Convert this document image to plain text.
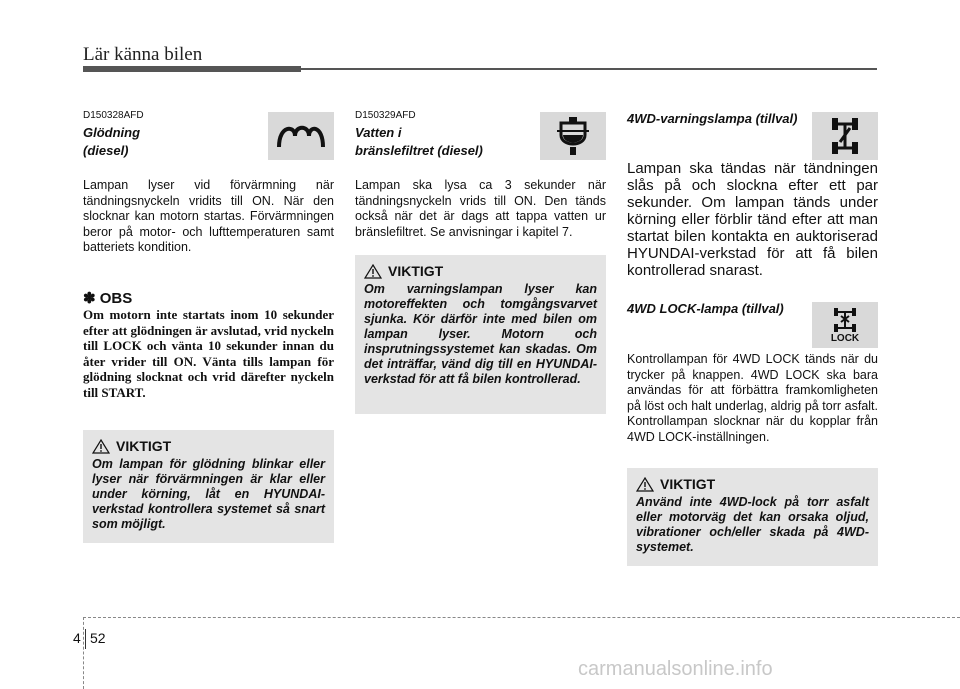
Lär känna bilen
D150328AFD
Glödning
(diesel)
Lampan lyser vid förvärmning när tändningsnyckeln vridits till ON. När den slocknar kan motorn startas. Förvärmningen beror på motor- och lufttemperaturen samt batteriets kondition.
✽ OBS
Om motorn inte startats inom 10 sekunder efter att glödningen är avslutad, vrid nyckeln till LOCK och vänta 10 sekunder innan du åter vrider till ON. Vänta tills lampan för glödning slocknat och vrid därefter nyckeln till START.
VIKTIGT
Om lampan för glödning blinkar eller lyser när förvärmningen är klar eller under körning, låt en HYUNDAI-verkstad kontrollera systemet så snart som möjligt.
D150329AFD
Vatten i
bränslefiltret (diesel)
Lampan ska lysa ca 3 sekunder när tändningsnyckeln vrids till ON. Den tänds också när det är dags att tappa vatten ur bränslefiltret. Se anvisningar i kapitel 7.
VIKTIGT
Om varningslampan lyser kan motoreffekten och tomgångsvarvet sjunka. Kör därför inte med bilen om lampan lyser. Motorn och insprutningssystemet kan skadas. Om det inträffar, vänd dig till en HYUNDAI-verkstad för att få bilen kontrollerad.
4WD-varningslampa (tillval)
Lampan ska tändas när tändningen slås på och slockna efter ett par sekunder. Om lampan tänds under körning eller förblir tänd efter att man startat bilen kontakta en auktoriserad HYUNDAI-verkstad för att få bilen kontrollerad snarast.
4WD LOCK-lampa (tillval)
LOCK
Kontrollampan för 4WD LOCK tänds när du trycker på knappen. 4WD LOCK ska bara användas för att förbättra framkomligheten på löst och halt underlag, aldrig på torr asfalt. Kontrollampan slocknar när du kopplar från 4WD LOCK-inställningen.
VIKTIGT
Använd inte 4WD-lock på torr asfalt eller motorväg det kan orsaka oljud, vibrationer och/eller skada på 4WD-systemet.
4 52
carmanualsonline.info
